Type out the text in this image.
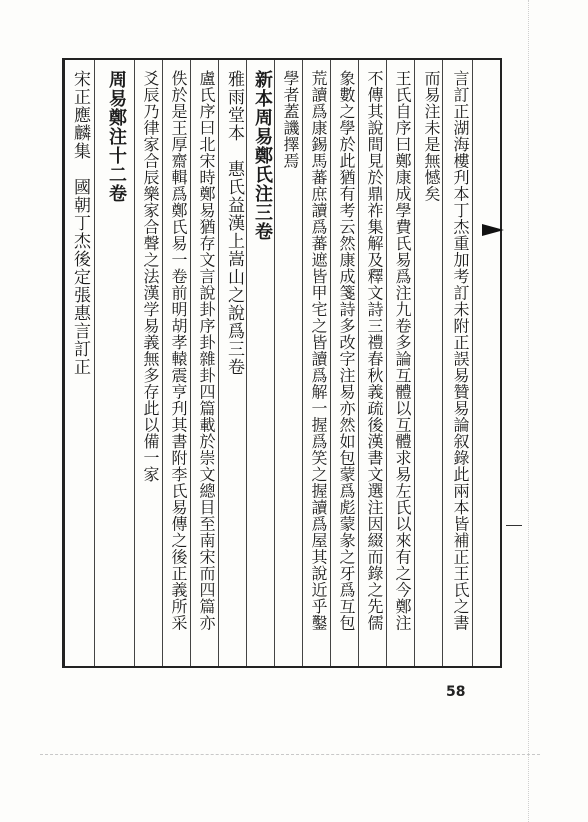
言訂正湖海樓刋本丁杰重加考訂未附正誤易贊易論叙錄此兩本皆補正王氏之書
而易注未是無憾矣
王氏自序曰鄭康成學費氏易爲注九卷多論互體以互體求易左氏以來有之今鄭注
不傳其說間見於鼎祚集解及釋文詩三禮春秋義疏後漢書文選注因綴而錄之先儒
象數之學於此猶有考云然康成箋詩多改字注易亦然如包蒙爲彪蒙彖之牙爲互包
荒讀爲康錫馬蕃庶讀爲蕃遮皆甲宅之皆讀爲解一握爲笑之握讀爲屋其說近乎鑿
學者蓋譏擇焉
新本周易鄭氏注三卷
雅雨堂本　惠氏益漢上嵩山之說爲三卷
盧氏序曰北宋時鄭易猶存文言說卦序卦雜卦四篇載於崇文總目至南宋而四篇亦
佚於是王厚齋輯爲鄭氏易一卷前明胡孝轅震亨刋其書附李氏易傳之後正義所采
爻辰乃律家合辰樂家合聲之法漢学易義無多存此以備一家
周易鄭注十二卷
宋正應麟集　國朝丁杰後定張惠言訂正
58
